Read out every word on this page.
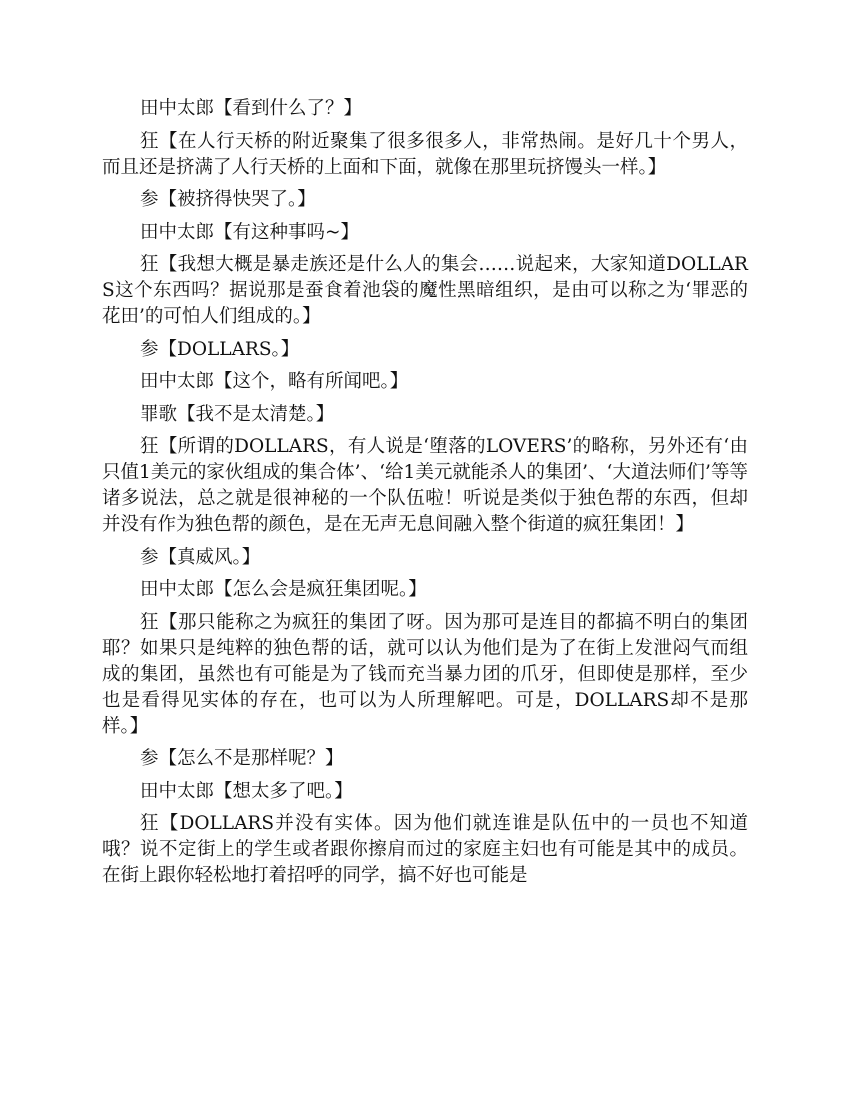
田中太郎【看到什么了？】

狂【在人行天桥的附近聚集了很多很多人，非常热闹。是好几十个男人，而且还是挤满了人行天桥的上面和下面，就像在那里玩挤馒头一样。】

参【被挤得快哭了。】

田中太郎【有这种事吗~】

狂【我想大概是暴走族还是什么人的集会……说起来，大家知道DOLLARS这个东西吗？据说那是蚕食着池袋的魔性黑暗组织，是由可以称之为‘罪恶的花田’的可怕人们组成的。】

参【DOLLARS。】

田中太郎【这个，略有所闻吧。】

罪歌【我不是太清楚。】

狂【所谓的DOLLARS，有人说是‘堕落的LOVERS’的略称，另外还有‘由只值1美元的家伙组成的集合体’、‘给1美元就能杀人的集团’、‘大道法师们’等等诸多说法，总之就是很神秘的一个队伍啦！听说是类似于独色帮的东西，但却并没有作为独色帮的颜色，是在无声无息间融入整个街道的疯狂集团！】

参【真威风。】

田中太郎【怎么会是疯狂集团呢。】

狂【那只能称之为疯狂的集团了呀。因为那可是连目的都搞不明白的集团耶？如果只是纯粹的独色帮的话，就可以认为他们是为了在街上发泄闷气而组成的集团，虽然也有可能是为了钱而充当暴力团的爪牙，但即使是那样，至少也是看得见实体的存在，也可以为人所理解吧。可是，DOLLARS却不是那样。】

参【怎么不是那样呢？】

田中太郎【想太多了吧。】

狂【DOLLARS并没有实体。因为他们就连谁是队伍中的一员也不知道哦？说不定街上的学生或者跟你擦肩而过的家庭主妇也有可能是其中的成员。在街上跟你轻松地打着招呼的同学，搞不好也可能是
